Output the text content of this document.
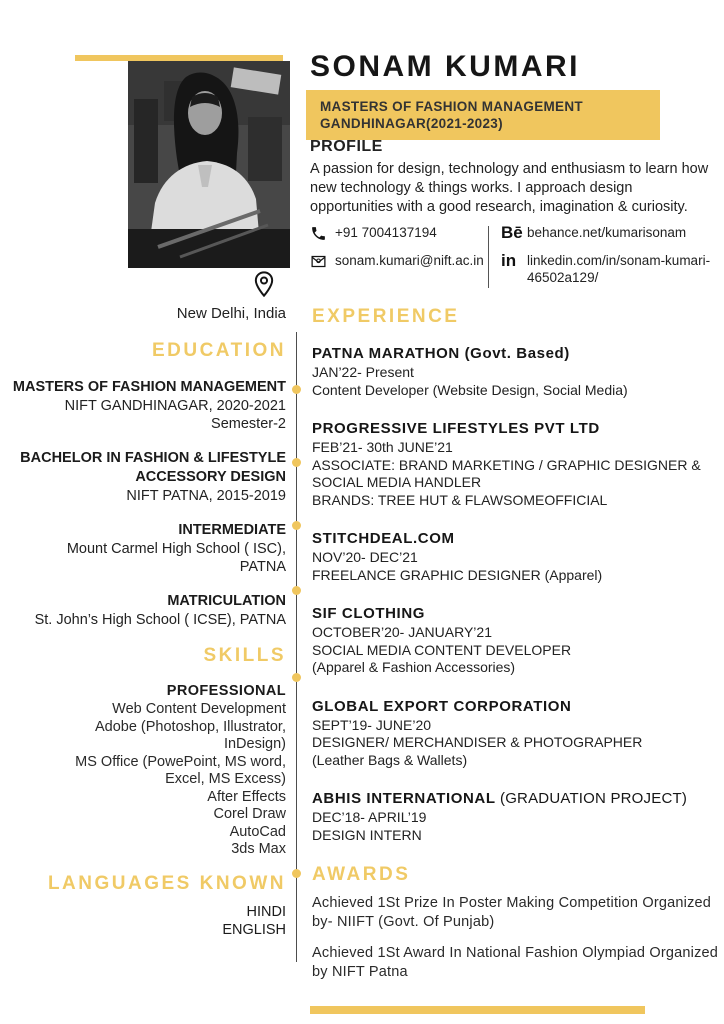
SONAM KUMARI
MASTERS OF FASHION MANAGEMENT
GANDHINAGAR(2021-2023)
PROFILE

A passion for design, technology and enthusiasm to learn how new technology & things works. I approach design opportunities with a good research, imagination & curiosity.

+91 7004137194
sonam.kumari@nift.ac.in
Bē behance.net/kumarisonam
in linkedin.com/in/sonam-kumari-46502a129/
New Delhi, India
EDUCATION
MASTERS OF FASHION MANAGEMENT
NIFT GANDHINAGAR, 2020-2021
Semester-2
BACHELOR IN FASHION & LIFESTYLE ACCESSORY DESIGN
NIFT PATNA, 2015-2019
INTERMEDIATE
Mount Carmel High School ( ISC), PATNA
MATRICULATION
St. John’s High School ( ICSE), PATNA
SKILLS
PROFESSIONAL
Web Content Development
Adobe (Photoshop, Illustrator, InDesign)
MS Office (PowePoint, MS word, Excel, MS Excess)
After Effects
Corel Draw
AutoCad
3ds Max
LANGUAGES KNOWN
HINDI
ENGLISH
EXPERIENCE
PATNA MARATHON (Govt. Based)
JAN’22- Present
Content Developer (Website Design, Social Media)
PROGRESSIVE LIFESTYLES PVT LTD
FEB’21- 30th JUNE’21
ASSOCIATE: BRAND MARKETING / GRAPHIC DESIGNER & SOCIAL MEDIA HANDLER
BRANDS: TREE HUT & FLAWSOMEOFFICIAL
STITCHDEAL.COM
NOV’20- DEC’21
FREELANCE GRAPHIC DESIGNER (Apparel)
SIF CLOTHING
OCTOBER’20- JANUARY’21
SOCIAL MEDIA CONTENT DEVELOPER
(Apparel & Fashion Accessories)
GLOBAL EXPORT CORPORATION
SEPT’19- JUNE’20
DESIGNER/ MERCHANDISER & PHOTOGRAPHER
(Leather Bags & Wallets)
ABHIS INTERNATIONAL (GRADUATION PROJECT)
DEC’18- APRIL’19
DESIGN INTERN
AWARDS
Achieved 1St Prize In Poster Making Competition Organized by- NIIFT (Govt. Of Punjab)
Achieved 1St Award In National Fashion Olympiad Organized by NIFT Patna
